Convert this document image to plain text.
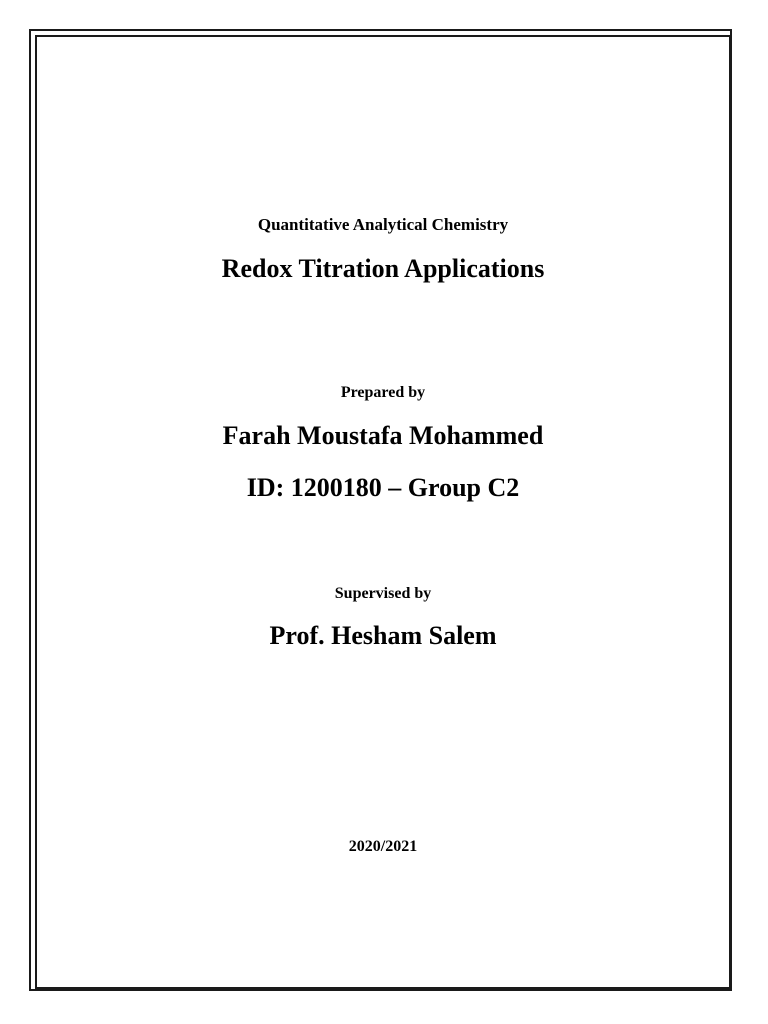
Quantitative Analytical Chemistry
Redox Titration Applications
Prepared by
Farah Moustafa Mohammed
ID: 1200180 – Group C2
Supervised by
Prof. Hesham Salem
2020/2021
